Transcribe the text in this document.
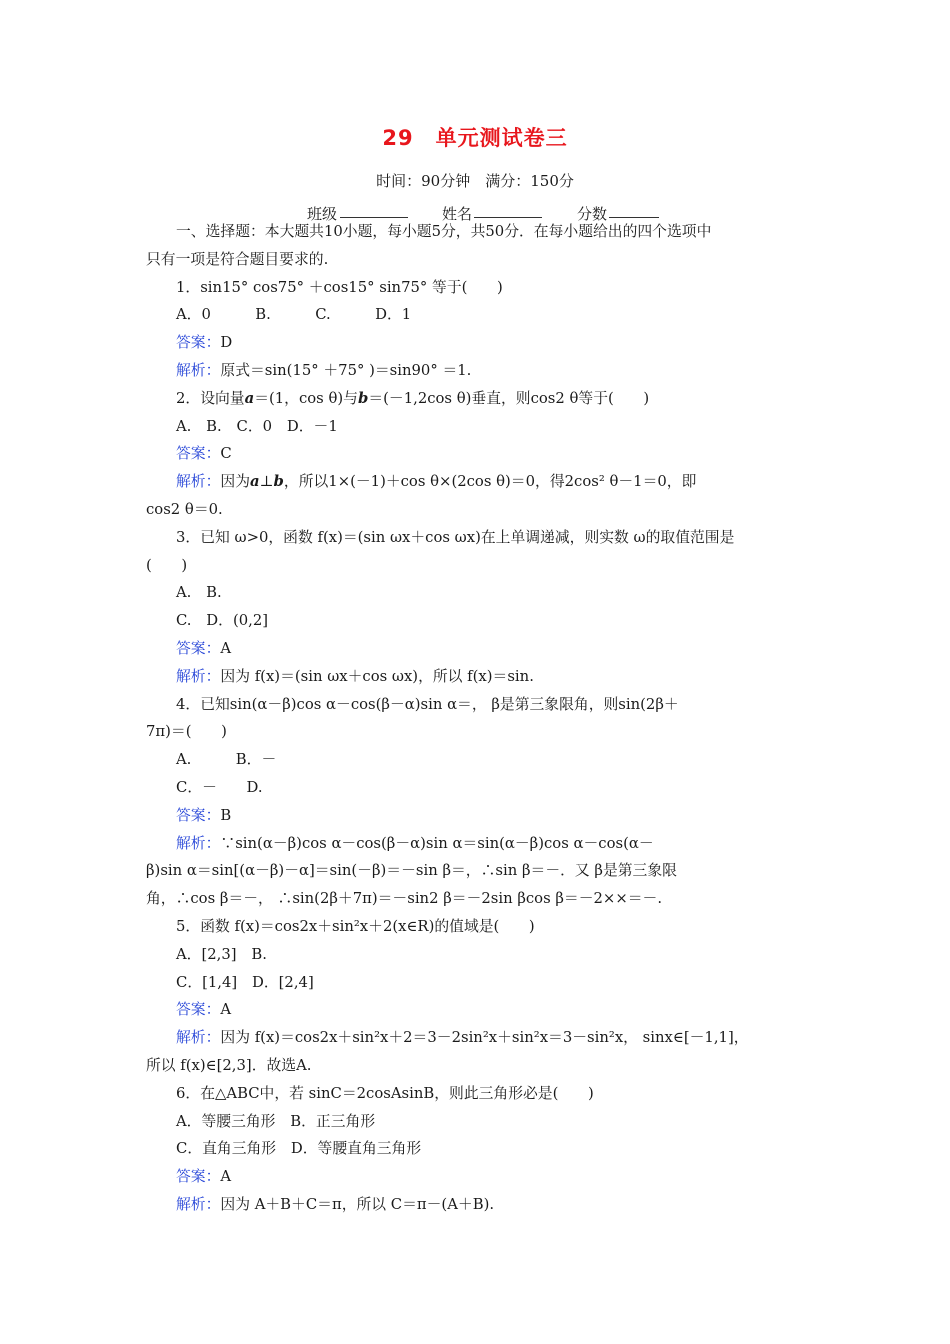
29　单元测试卷三
时间：90分钟　满分：150分
班级	姓名	分数

一、选择题：本大题共10小题，每小题5分，共50分．在每小题给出的四个选项中

只有一项是符合题目要求的.

1．sin15° cos75° ＋cos15° sin75° 等于(　　)

A．0　　　B.　　　C.　　　D．1

答案：D

解析：原式＝sin(15° ＋75° )＝sin90° ＝1.

2．设向量a＝(1，cos θ)与b＝(－1,2cos θ)垂直，则cos2 θ等于(　　)

A.　B.　C．0　D．－1

答案：C

解析：因为a⊥b，所以1×(－1)＋cos θ×(2cos θ)＝0，得2cos² θ－1＝0，即

cos2 θ＝0.

3．已知 ω>0，函数 f(x)＝(sin ωx＋cos ωx)在上单调递减，则实数 ω的取值范围是

(　　)

A.　B.

C.　D．(0,2]

答案：A

解析：因为 f(x)＝(sin ωx＋cos ωx)，所以 f(x)＝sin.

4．已知sin(α－β)cos α－cos(β－α)sin α＝， β是第三象限角，则sin(2β＋

7π)＝(　　)

A.　　　B．－

C．－　　D.

答案：B

解析：∵sin(α－β)cos α－cos(β－α)sin α＝sin(α－β)cos α－cos(α－

β)sin α＝sin[(α－β)－α]＝sin(－β)＝－sin β＝，∴sin β＝－．又 β是第三象限

角，∴cos β＝－， ∴sin(2β＋7π)＝－sin2 β＝－2sin βcos β＝－2××＝－.

5．函数 f(x)＝cos2x＋sin²x＋2(x∈R)的值域是(　　)

A．[2,3]　B.

C．[1,4]　D．[2,4]

答案：A

解析：因为 f(x)＝cos2x＋sin²x＋2＝3－2sin²x＋sin²x＝3－sin²x， sinx∈[－1,1]，

所以 f(x)∈[2,3]．故选A.

6．在△ABC中，若 sinC＝2cosAsinB，则此三角形必是(　　)

A．等腰三角形　B．正三角形

C．直角三角形　D．等腰直角三角形

答案：A

解析：因为 A＋B＋C＝π，所以 C＝π－(A＋B).
